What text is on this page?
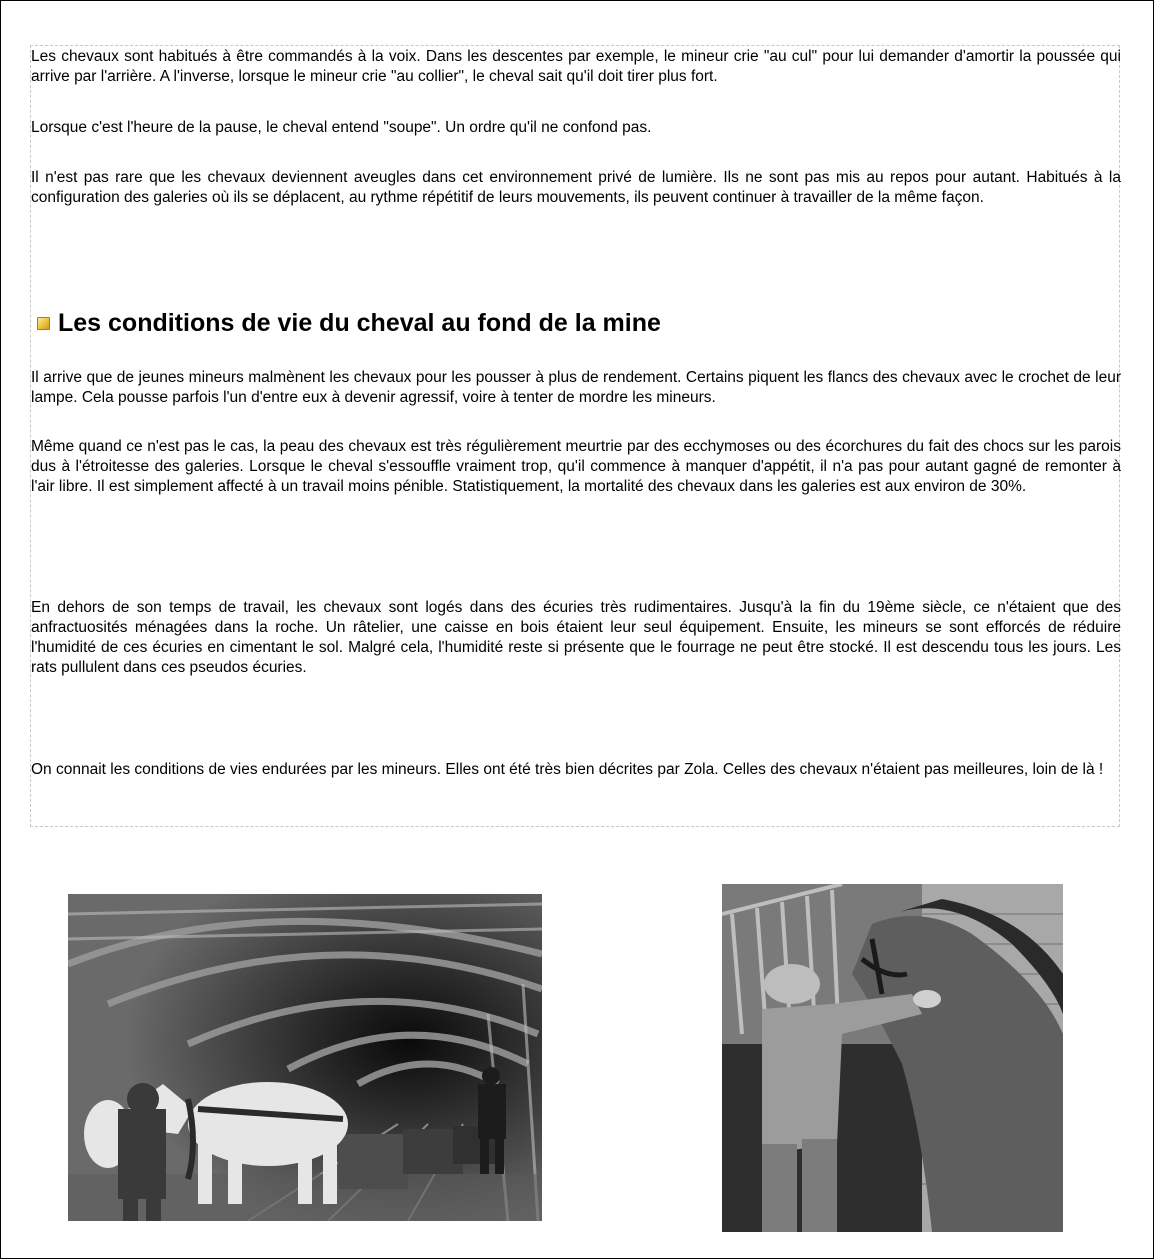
Les chevaux sont habitués à être commandés à la voix. Dans les descentes par exemple, le mineur crie "au cul" pour lui demander d'amortir la poussée qui arrive par l'arrière. A l'inverse, lorsque le mineur crie "au collier", le cheval sait qu'il doit tirer plus fort.

Lorsque c'est l'heure de la pause, le cheval entend "soupe". Un ordre qu'il ne confond pas.

Il n'est pas rare que les chevaux deviennent aveugles dans cet environnement privé de lumière. Ils ne sont pas mis au repos pour autant. Habitués à la configuration des galeries où ils se déplacent, au rythme répétitif de leurs mouvements, ils peuvent continuer à travailler de la même façon.

Les conditions de vie du cheval au fond de la mine

Il arrive que de jeunes mineurs malmènent les chevaux pour les pousser à plus de rendement. Certains piquent les flancs des chevaux avec le crochet de leur lampe. Cela pousse parfois l'un d'entre eux à devenir agressif, voire à tenter de mordre les mineurs.

Même quand ce n'est pas le cas, la peau des chevaux est très régulièrement meurtrie par des ecchymoses ou des écorchures du fait des chocs sur les parois dus à l'étroitesse des galeries. Lorsque le cheval s'essouffle vraiment trop, qu'il commence à manquer d'appétit, il n'a pas pour autant gagné de remonter à l'air libre. Il est simplement affecté à un travail moins pénible. Statistiquement, la mortalité des chevaux dans les galeries est aux environ de 30%.

En dehors de son temps de travail, les chevaux sont logés dans des écuries très rudimentaires. Jusqu'à la fin du 19ème siècle, ce n'étaient que des anfractuosités ménagées dans la roche. Un râtelier, une caisse en bois étaient leur seul équipement. Ensuite, les mineurs se sont efforcés de réduire l'humidité de ces écuries en cimentant le sol. Malgré cela, l'humidité reste si présente que le fourrage ne peut être stocké. Il est descendu tous les jours. Les rats pullulent dans ces pseudos écuries.

On connait les conditions de vies endurées par les mineurs. Elles ont été très bien décrites par Zola. Celles des chevaux n'étaient pas meilleures, loin de là !
